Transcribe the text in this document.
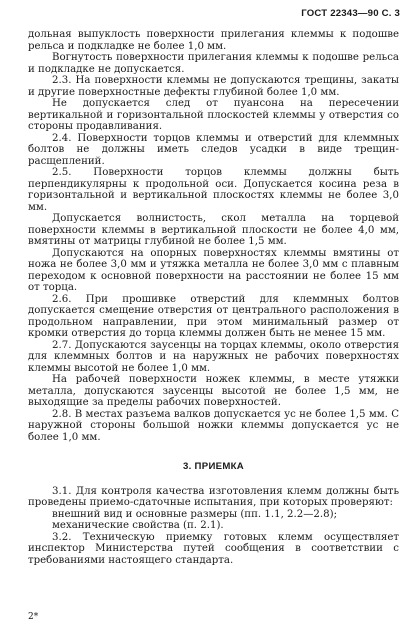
ГОСТ 22343—90 С. 3

дольная выпуклость поверхности прилегания клеммы к подошве рельса и подкладке не более 1,0 мм.

Вогнутость поверхности прилегания клеммы к подошве рельса и подкладке не допускается.

2.3. На поверхности клеммы не допускаются трещины, закаты и другие поверхностные дефекты глубиной более 1,0 мм.

Не допускается след от пуансона на пересечении вертикальной и горизонтальной плоскостей клеммы у отверстия со стороны продавливания.

2.4. Поверхности торцов клеммы и отверстий для клеммных болтов не должны иметь следов усадки в виде трещин-расщеплений.

2.5. Поверхности торцов клеммы должны быть перпендикулярны к продольной оси. Допускается косина реза в горизонтальной и вертикальной плоскостях клеммы не более 3,0 мм.

Допускается волнистость, скол металла на торцевой поверхности клеммы в вертикальной плоскости не более 4,0 мм, вмятины от матрицы глубиной не более 1,5 мм.

Допускаются на опорных поверхностях клеммы вмятины от ножа не более 3,0 мм и утяжка металла не более 3,0 мм с плавным переходом к основной поверхности на расстоянии не более 15 мм от торца.

2.6. При прошивке отверстий для клеммных болтов допускается смещение отверстия от центрального расположения в продольном направлении, при этом минимальный размер от кромки отверстия до торца клеммы должен быть не менее 15 мм.

2.7. Допускаются заусенцы на торцах клеммы, около отверстия для клеммных болтов и на наружных не рабочих поверхностях клеммы высотой не более 1,0 мм.

На рабочей поверхности ножек клеммы, в месте утяжки металла, допускаются заусенцы высотой не более 1,5 мм, не выходящие за пределы рабочих поверхностей.

2.8. В местах разъема валков допускается ус не более 1,5 мм. С наружной стороны большой ножки клеммы допускается ус не более 1,0 мм.

3. ПРИЕМКА

3.1. Для контроля качества изготовления клемм должны быть проведены приемо-сдаточные испытания, при которых проверяют:

внешний вид и основные размеры (пп. 1.1, 2.2—2.8);

механические свойства (п. 2.1).

3.2. Техническую приемку готовых клемм осуществляет инспектор Министерства путей сообщения в соответствии с требованиями настоящего стандарта.

2*
